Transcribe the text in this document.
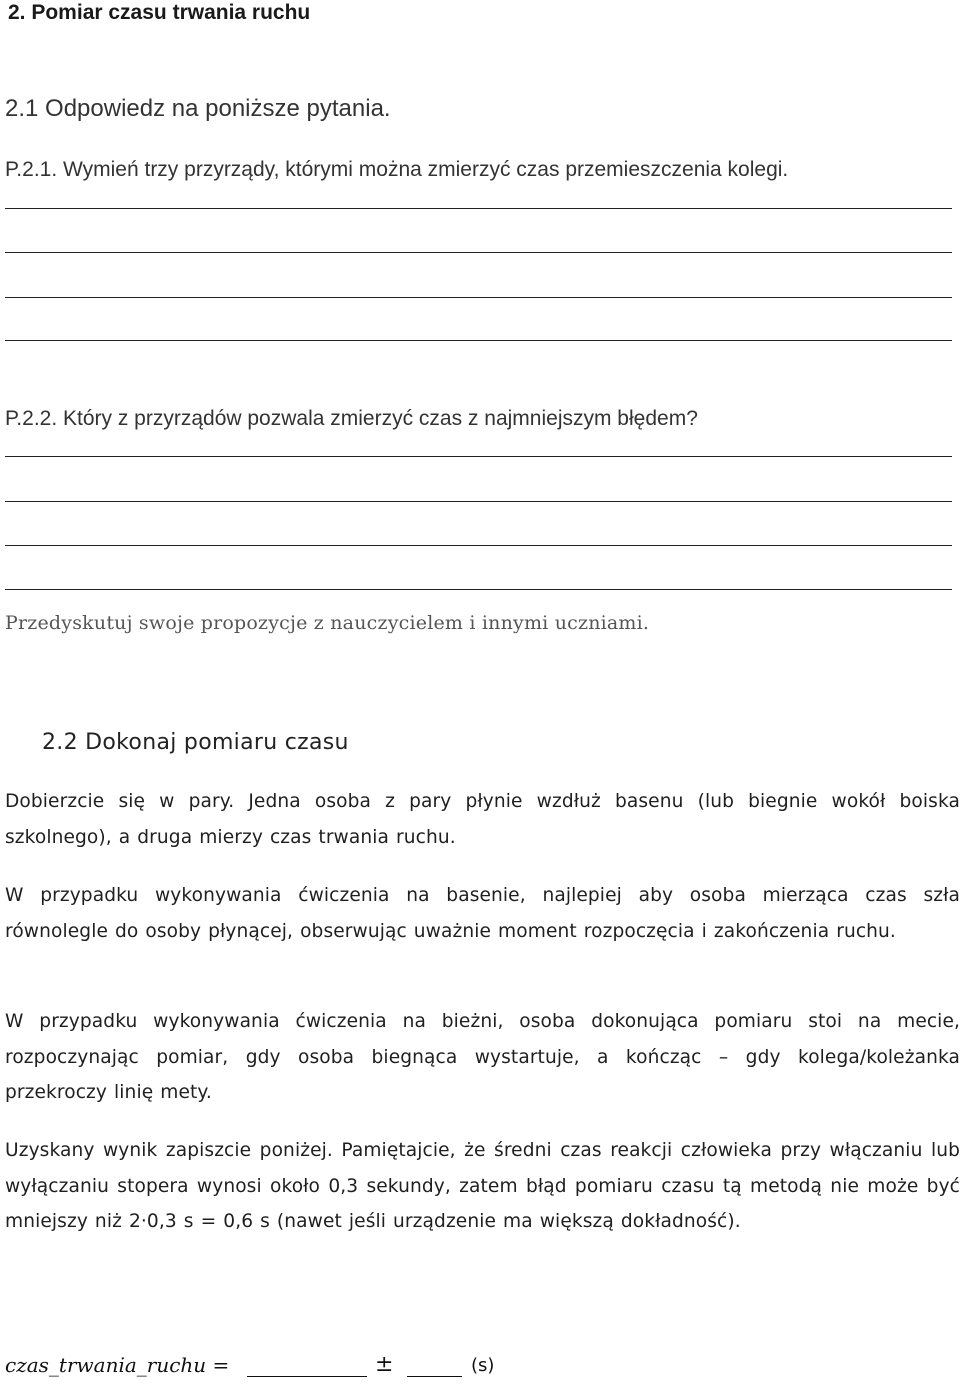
2. Pomiar czasu trwania ruchu
2.1 Odpowiedz na poniższe pytania.
P.2.1. Wymień trzy przyrządy, którymi można zmierzyć czas przemieszczenia kolegi.
P.2.2. Który z przyrządów pozwala zmierzyć czas z najmniejszym błędem?
Przedyskutuj swoje propozycje z nauczycielem i innymi uczniami.
2.2 Dokonaj pomiaru czasu
Dobierzcie się w pary. Jedna osoba z pary płynie wzdłuż basenu (lub biegnie wokół boiska szkolnego), a druga mierzy czas trwania ruchu.
W przypadku wykonywania ćwiczenia na basenie, najlepiej aby osoba mierząca czas szła równolegle do osoby płynącej, obserwując uważnie moment rozpoczęcia i zakończenia ruchu.
W przypadku wykonywania ćwiczenia na bieżni, osoba dokonująca pomiaru stoi na mecie, rozpoczynając pomiar, gdy osoba biegnąca wystartuje, a kończąc – gdy kolega/koleżanka przekroczy linię mety.
Uzyskany wynik zapiszcie poniżej. Pamiętajcie, że średni czas reakcji człowieka przy włączaniu lub wyłączaniu stopera wynosi około 0,3 sekundy, zatem błąd pomiaru czasu tą metodą nie może być mniejszy niż 2·0,3 s = 0,6 s (nawet jeśli urządzenie ma większą dokładność).
czas_trwania_ruchu =	±	(s)
